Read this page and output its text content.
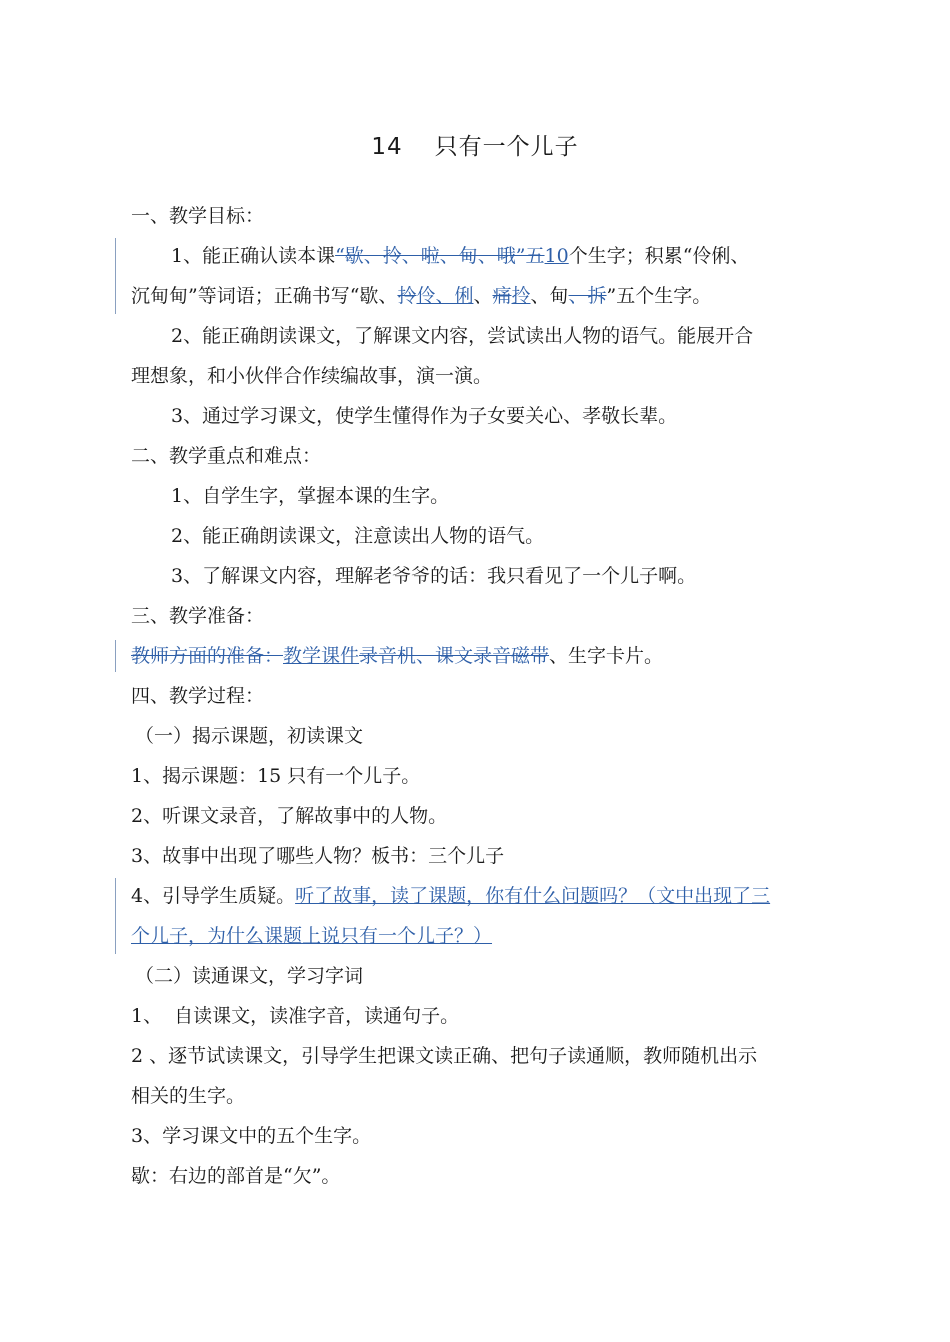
14 只有一个儿子
一、教学目标：
1、能正确认读本课“歇、拎、啦、甸、哦”五10个生字；积累“伶俐、
沉甸甸”等词语；正确书写“歇、拎伶、俐、痛拎、甸、拆”五个生字。
2、能正确朗读课文，了解课文内容，尝试读出人物的语气。能展开合
理想象，和小伙伴合作续编故事，演一演。
3、通过学习课文，使学生懂得作为子女要关心、孝敬长辈。
二、教学重点和难点：
1、自学生字，掌握本课的生字。
2、能正确朗读课文，注意读出人物的语气。
3、了解课文内容，理解老爷爷的话：我只看见了一个儿子啊。
三、教学准备：
教师方面的准备：教学课件录音机、课文录音磁带、生字卡片。
四、教学过程：
（一）揭示课题，初读课文
1、揭示课题：15 只有一个儿子。
2、听课文录音，了解故事中的人物。
3、故事中出现了哪些人物？板书：三个儿子
4、引导学生质疑。听了故事，读了课题，你有什么问题吗？（文中出现了三
个儿子，为什么课题上说只有一个儿子？）
（二）读通课文，学习字词
1、  自读课文，读准字音，读通句子。
2 、逐节试读课文，引导学生把课文读正确、把句子读通顺，教师随机出示
相关的生字。
3、学习课文中的五个生字。
歇：右边的部首是“欠”。
